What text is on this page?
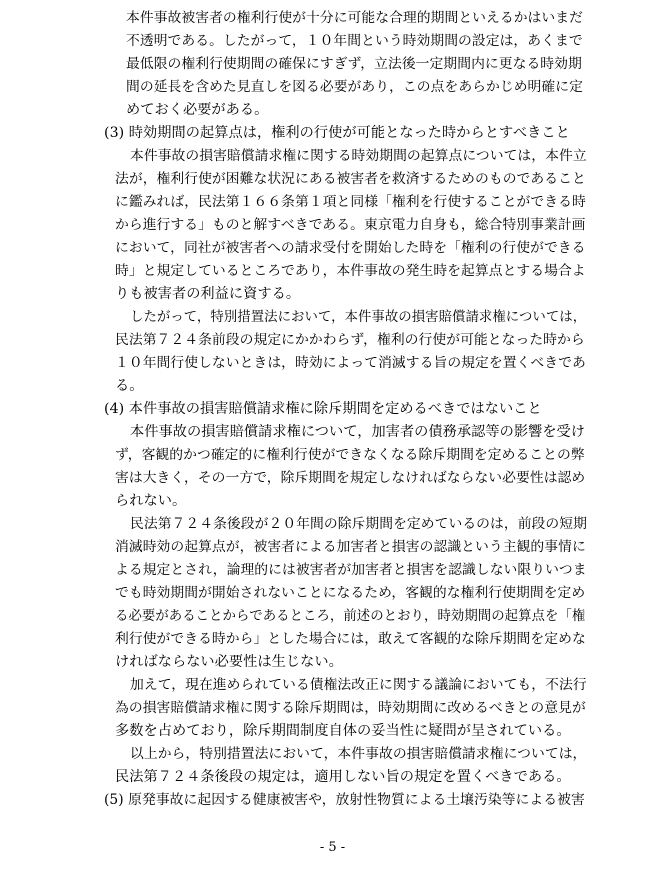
本件事故被害者の権利行使が十分に可能な合理的期間といえるかはいまだ
不透明である。したがって，１０年間という時効期間の設定は，あくまで
最低限の権利行使期間の確保にすぎず，立法後一定期間内に更なる時効期
間の延長を含めた見直しを図る必要があり，この点をあらかじめ明確に定
めておく必要がある。
(3) 時効期間の起算点は，権利の行使が可能となった時からとすべきこと
本件事故の損害賠償請求権に関する時効期間の起算点については，本件立
法が，権利行使が困難な状況にある被害者を救済するためのものであること
に鑑みれば，民法第１６６条第１項と同様「権利を行使することができる時
から進行する」ものと解すべきである。東京電力自身も，総合特別事業計画
において，同社が被害者への請求受付を開始した時を「権利の行使ができる
時」と規定しているところであり，本件事故の発生時を起算点とする場合よ
りも被害者の利益に資する。
したがって，特別措置法において，本件事故の損害賠償請求権については，
民法第７２４条前段の規定にかかわらず，権利の行使が可能となった時から
１０年間行使しないときは，時効によって消滅する旨の規定を置くべきであ
る。
(4) 本件事故の損害賠償請求権に除斥期間を定めるべきではないこと
本件事故の損害賠償請求権について，加害者の債務承認等の影響を受け
ず，客観的かつ確定的に権利行使ができなくなる除斥期間を定めることの弊
害は大きく，その一方で，除斥期間を規定しなければならない必要性は認め
られない。
民法第７２４条後段が２０年間の除斥期間を定めているのは，前段の短期
消滅時効の起算点が，被害者による加害者と損害の認識という主観的事情に
よる規定とされ，論理的には被害者が加害者と損害を認識しない限りいつま
でも時効期間が開始されないことになるため，客観的な権利行使期間を定め
る必要があることからであるところ，前述のとおり，時効期間の起算点を「権
利行使ができる時から」とした場合には，敢えて客観的な除斥期間を定めな
ければならない必要性は生じない。
加えて，現在進められている債権法改正に関する議論においても，不法行
為の損害賠償請求権に関する除斥期間は，時効期間に改めるべきとの意見が
多数を占めており，除斥期間制度自体の妥当性に疑問が呈されている。
以上から，特別措置法において，本件事故の損害賠償請求権については，
民法第７２４条後段の規定は，適用しない旨の規定を置くべきである。
(5) 原発事故に起因する健康被害や，放射性物質による土壌汚染等による被害
- 5 -
